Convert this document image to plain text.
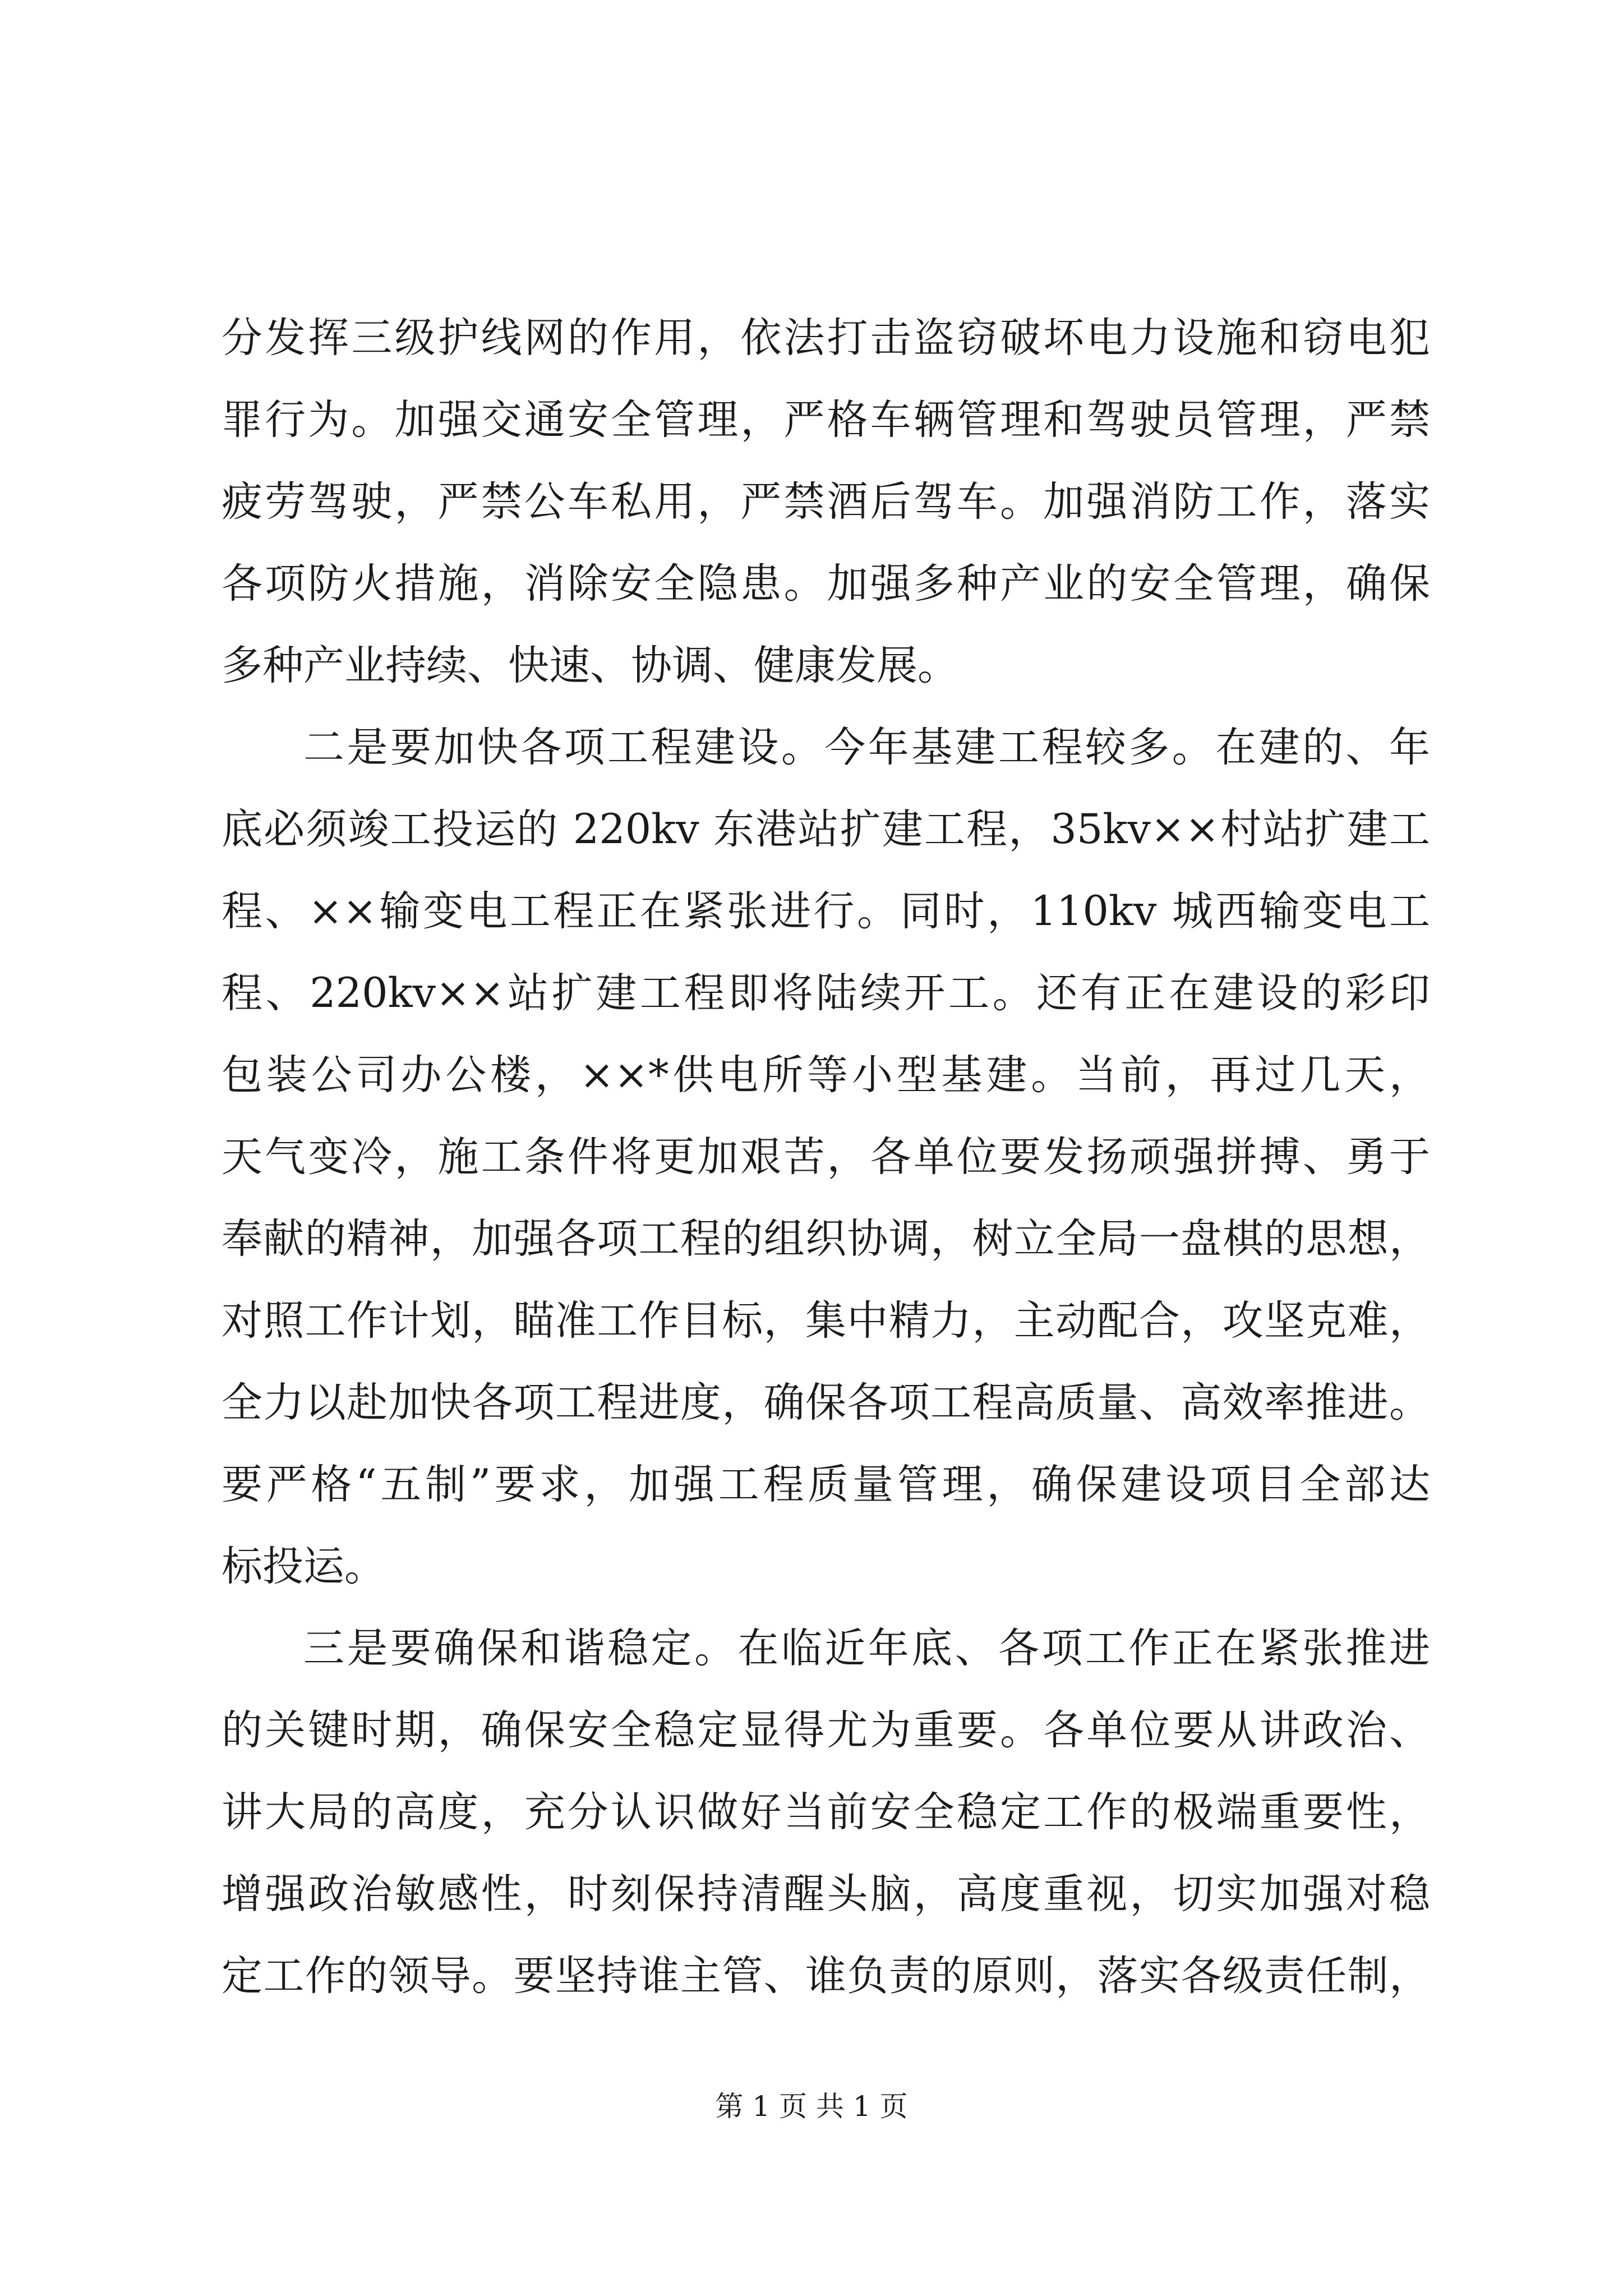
分发挥三级护线网的作用，依法打击盗窃破坏电力设施和窃电犯
罪行为。加强交通安全管理，严格车辆管理和驾驶员管理，严禁
疲劳驾驶，严禁公车私用，严禁酒后驾车。加强消防工作，落实
各项防火措施，消除安全隐患。加强多种产业的安全管理，确保
多种产业持续、快速、协调、健康发展。
二是要加快各项工程建设。今年基建工程较多。在建的、年
底必须竣工投运的 220kv 东港站扩建工程，35kv××村站扩建工
程、××输变电工程正在紧张进行。同时，110kv 城西输变电工
程、220kv××站扩建工程即将陆续开工。还有正在建设的彩印
包装公司办公楼，××*供电所等小型基建。当前，再过几天，
天气变冷，施工条件将更加艰苦，各单位要发扬顽强拼搏、勇于
奉献的精神，加强各项工程的组织协调，树立全局一盘棋的思想，
对照工作计划，瞄准工作目标，集中精力，主动配合，攻坚克难，
全力以赴加快各项工程进度，确保各项工程高质量、高效率推进。
要严格“五制”要求，加强工程质量管理，确保建设项目全部达
标投运。
三是要确保和谐稳定。在临近年底、各项工作正在紧张推进
的关键时期，确保安全稳定显得尤为重要。各单位要从讲政治、
讲大局的高度，充分认识做好当前安全稳定工作的极端重要性，
增强政治敏感性，时刻保持清醒头脑，高度重视，切实加强对稳
定工作的领导。要坚持谁主管、谁负责的原则，落实各级责任制，
第 1 页 共 1 页
